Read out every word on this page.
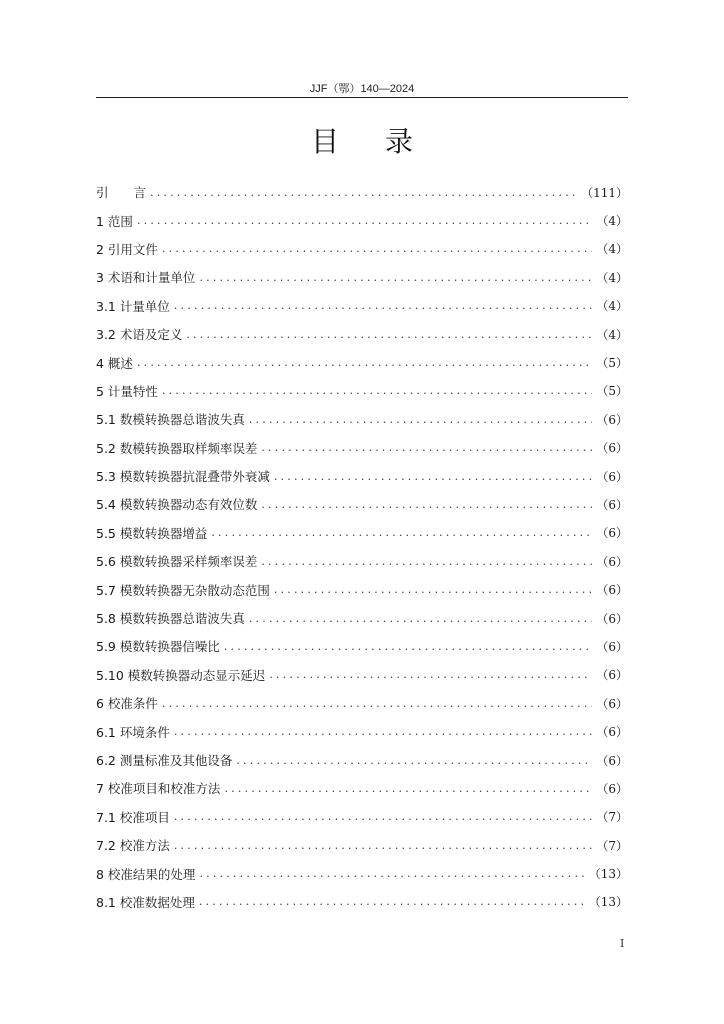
JJF（鄂）140—2024
目录
引　　言 .....	（111）
1 范围 .....	（4）
2 引用文件 .....	（4）
3 术语和计量单位 .....	（4）
3.1 计量单位 .....	（4）
3.2 术语及定义 .....	（4）
4 概述 .....	（5）
5 计量特性 .....	（5）
5.1 数模转换器总谐波失真 .....	（6）
5.2 数模转换器取样频率误差 .....	（6）
5.3 模数转换器抗混叠带外衰减 .....	（6）
5.4 模数转换器动态有效位数 .....	（6）
5.5 模数转换器增益 .....	（6）
5.6 模数转换器采样频率误差 .....	（6）
5.7 模数转换器无杂散动态范围 .....	（6）
5.8 模数转换器总谐波失真 .....	（6）
5.9 模数转换器信噪比 .....	（6）
5.10 模数转换器动态显示延迟 .....	（6）
6 校准条件 .....	（6）
6.1 环境条件 .....	（6）
6.2 测量标准及其他设备 .....	（6）
7 校准项目和校准方法 .....	（6）
7.1 校准项目 .....	（7）
7.2 校准方法 .....	（7）
8 校准结果的处理 .....	（13）
8.1 校准数据处理 .....	（13）
I
